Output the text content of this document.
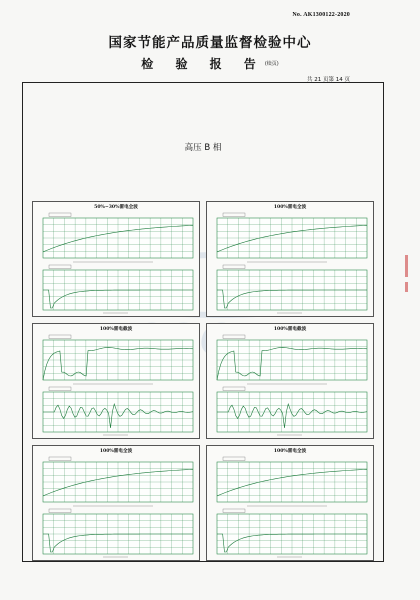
No. AK1300122-2020
国家节能产品质量监督检验中心
检 验 报 告(续页)
共 21 页第 14 页
高压 B 相
50%~30%雷电全波	100%雷电全波
100%雷电截波	100%雷电截波
100%雷电全波	100%雷电全波
